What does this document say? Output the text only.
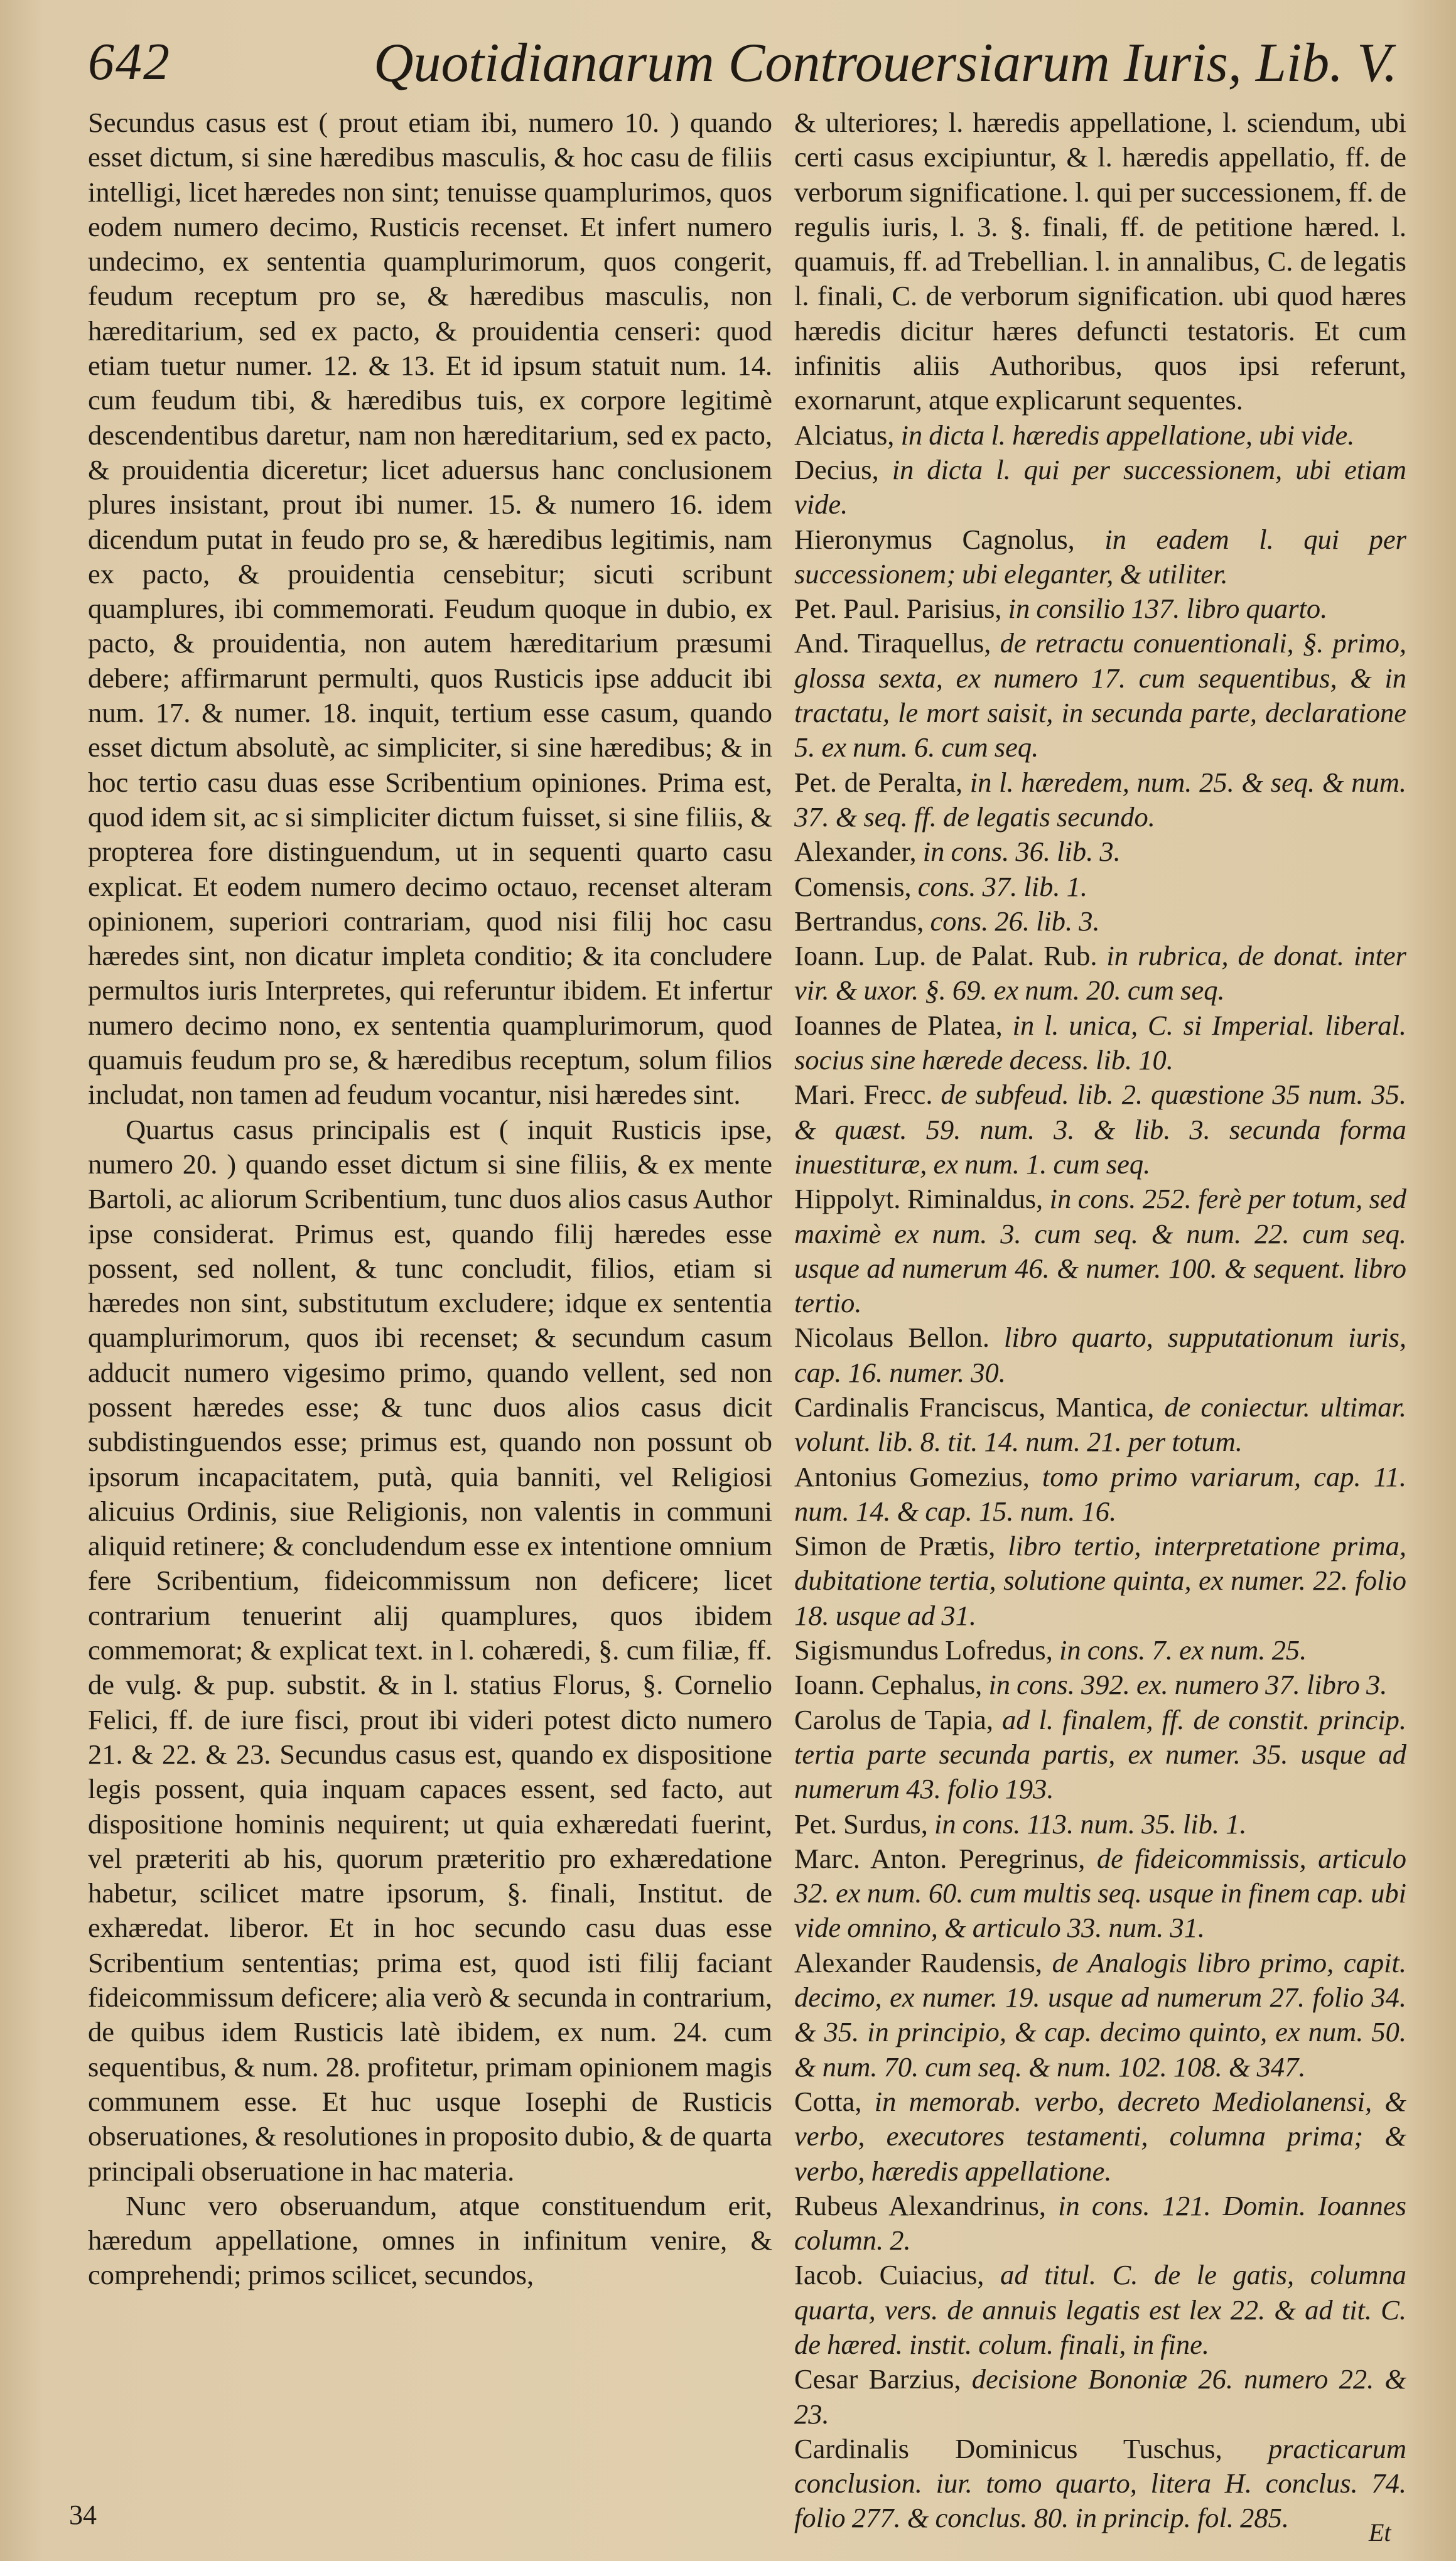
642	Quotidianarum Controuersiarum Iuris, Lib. V.

Secundus casus est ( prout etiam ibi, numero 10. ) quando esset dictum, si sine hæredibus masculis, & hoc casu de filiis intelligi, licet hæredes non sint; tenuisse quamplurimos, quos eodem numero decimo, Rusticis recenset. Et infert numero undecimo, ex sententia quamplurimorum, quos congerit, feudum receptum pro se, & hæredibus masculis, non hæreditarium, sed ex pacto, & prouidentia censeri: quod etiam tuetur numer. 12. & 13. Et id ipsum statuit num. 14. cum feudum tibi, & hæredibus tuis, ex corpore legitimè descendentibus daretur, nam non hæreditarium, sed ex pacto, & prouidentia diceretur; licet aduersus hanc conclusionem plures insistant, prout ibi numer. 15. & numero 16. idem dicendum putat in feudo pro se, & hæredibus legitimis, nam ex pacto, & prouidentia censebitur; sicuti scribunt quamplures, ibi commemorati. Feudum quoque in dubio, ex pacto, & prouidentia, non autem hæreditarium præsumi debere; affirmarunt permulti, quos Rusticis ipse adducit ibi num. 17. & numer. 18. inquit, tertium esse casum, quando esset dictum absolutè, ac simpliciter, si sine hæredibus; & in hoc tertio casu duas esse Scribentium opiniones. Prima est, quod idem sit, ac si simpliciter dictum fuisset, si sine filiis, & propterea fore distinguendum, ut in sequenti quarto casu explicat. Et eodem numero decimo octauo, recenset alteram opinionem, superiori contrariam, quod nisi filij hoc casu hæredes sint, non dicatur impleta conditio; & ita concludere permultos iuris Interpretes, qui referuntur ibidem. Et infertur numero decimo nono, ex sententia quamplurimorum, quod quamuis feudum pro se, & hæredibus receptum, solum filios includat, non tamen ad feudum vocantur, nisi hæredes sint.

Quartus casus principalis est ( inquit Rusticis ipse, numero 20. ) quando esset dictum si sine filiis, & ex mente Bartoli, ac aliorum Scribentium, tunc duos alios casus Author ipse considerat. Primus est, quando filij hæredes esse possent, sed nollent, & tunc concludit, filios, etiam si hæredes non sint, substitutum excludere; idque ex sententia quamplurimorum, quos ibi recenset; & secundum casum adducit numero vigesimo primo, quando vellent, sed non possent hæredes esse; & tunc duos alios casus dicit subdistinguendos esse; primus est, quando non possunt ob ipsorum incapacitatem, putà, quia banniti, vel Religiosi alicuius Ordinis, siue Religionis, non valentis in communi aliquid retinere; & concludendum esse ex intentione omnium fere Scribentium, fideicommissum non deficere; licet contrarium tenuerint alij quamplures, quos ibidem commemorat; & explicat text. in l. cohæredi, §. cum filiæ, ff. de vulg. & pup. substit. & in l. statius Florus, §. Cornelio Felici, ff. de iure fisci, prout ibi videri potest dicto numero 21. & 22. & 23. Secundus casus est, quando ex dispositione legis possent, quia inquam capaces essent, sed facto, aut dispositione hominis nequirent; ut quia exhæredati fuerint, vel præteriti ab his, quorum præteritio pro exhæredatione habetur, scilicet matre ipsorum, §. finali, Institut. de exhæredat. liberor. Et in hoc secundo casu duas esse Scribentium sententias; prima est, quod isti filij faciant fideicommissum deficere; alia verò & secunda in contrarium, de quibus idem Rusticis latè ibidem, ex num. 24. cum sequentibus, & num. 28. profitetur, primam opinionem magis communem esse. Et huc usque Iosephi de Rusticis obseruationes, & resolutiones in proposito dubio, & de quarta principali obseruatione in hac materia.

Nunc vero obseruandum, atque constituendum erit, hæredum appellatione, omnes in infinitum venire, & comprehendi; primos scilicet, secundos,

& ulteriores; l. hæredis appellatione, l. sciendum, ubi certi casus excipiuntur, & l. hæredis appellatio, ff. de verborum significatione. l. qui per successionem, ff. de regulis iuris, l. 3. §. finali, ff. de petitione hæred. l. quamuis, ff. ad Trebellian. l. in annalibus, C. de legatis l. finali, C. de verborum signification. ubi quod hæres hæredis dicitur hæres defuncti testatoris. Et cum infinitis aliis Authoribus, quos ipsi referunt, exornarunt, atque explicarunt sequentes.

Alciatus, in dicta l. hæredis appellatione, ubi vide.

Decius, in dicta l. qui per successionem, ubi etiam vide.

Hieronymus Cagnolus, in eadem l. qui per successionem; ubi eleganter, & utiliter.

Pet. Paul. Parisius, in consilio 137. libro quarto.

And. Tiraquellus, de retractu conuentionali, §. primo, glossa sexta, ex numero 17. cum sequentibus, & in tractatu, le mort saisit, in secunda parte, declaratione 5. ex num. 6. cum seq.

Pet. de Peralta, in l. hæredem, num. 25. & seq. & num. 37. & seq. ff. de legatis secundo.

Alexander, in cons. 36. lib. 3.

Comensis, cons. 37. lib. 1.

Bertrandus, cons. 26. lib. 3.

Ioann. Lup. de Palat. Rub. in rubrica, de donat. inter vir. & uxor. §. 69. ex num. 20. cum seq.

Ioannes de Platea, in l. unica, C. si Imperial. liberal. socius sine hærede decess. lib. 10.

Mari. Frecc. de subfeud. lib. 2. quæstione 35 num. 35. & quæst. 59. num. 3. & lib. 3. secunda forma inuestituræ, ex num. 1. cum seq.

Hippolyt. Riminaldus, in cons. 252. ferè per totum, sed maximè ex num. 3. cum seq. & num. 22. cum seq. usque ad numerum 46. & numer. 100. & sequent. libro tertio.

Nicolaus Bellon. libro quarto, supputationum iuris, cap. 16. numer. 30.

Cardinalis Franciscus, Mantica, de coniectur. ultimar. volunt. lib. 8. tit. 14. num. 21. per totum.

Antonius Gomezius, tomo primo variarum, cap. 11. num. 14. & cap. 15. num. 16.

Simon de Prætis, libro tertio, interpretatione prima, dubitatione tertia, solutione quinta, ex numer. 22. folio 18. usque ad 31.

Sigismundus Lofredus, in cons. 7. ex num. 25.

Ioann. Cephalus, in cons. 392. ex. numero 37. libro 3.

Carolus de Tapia, ad l. finalem, ff. de constit. princip. tertia parte secunda partis, ex numer. 35. usque ad numerum 43. folio 193.

Pet. Surdus, in cons. 113. num. 35. lib. 1.

Marc. Anton. Peregrinus, de fideicommissis, articulo 32. ex num. 60. cum multis seq. usque in finem cap. ubi vide omnino, & articulo 33. num. 31.

Alexander Raudensis, de Analogis libro primo, capit. decimo, ex numer. 19. usque ad numerum 27. folio 34. & 35. in principio, & cap. decimo quinto, ex num. 50. & num. 70. cum seq. & num. 102. 108. & 347.

Cotta, in memorab. verbo, decreto Mediolanensi, & verbo, executores testamenti, columna prima; & verbo, hæredis appellatione.

Rubeus Alexandrinus, in cons. 121. Domin. Ioannes column. 2.

Iacob. Cuiacius, ad titul. C. de le gatis, columna quarta, vers. de annuis legatis est lex 22. & ad tit. C. de hæred. instit. colum. finali, in fine.

Cesar Barzius, decisione Bononiæ 26. numero 22. & 23.

Cardinalis Dominicus Tuschus, practicarum conclusion. iur. tomo quarto, litera H. conclus. 74. folio 277. & conclus. 80. in princip. fol. 285.

34
Et
